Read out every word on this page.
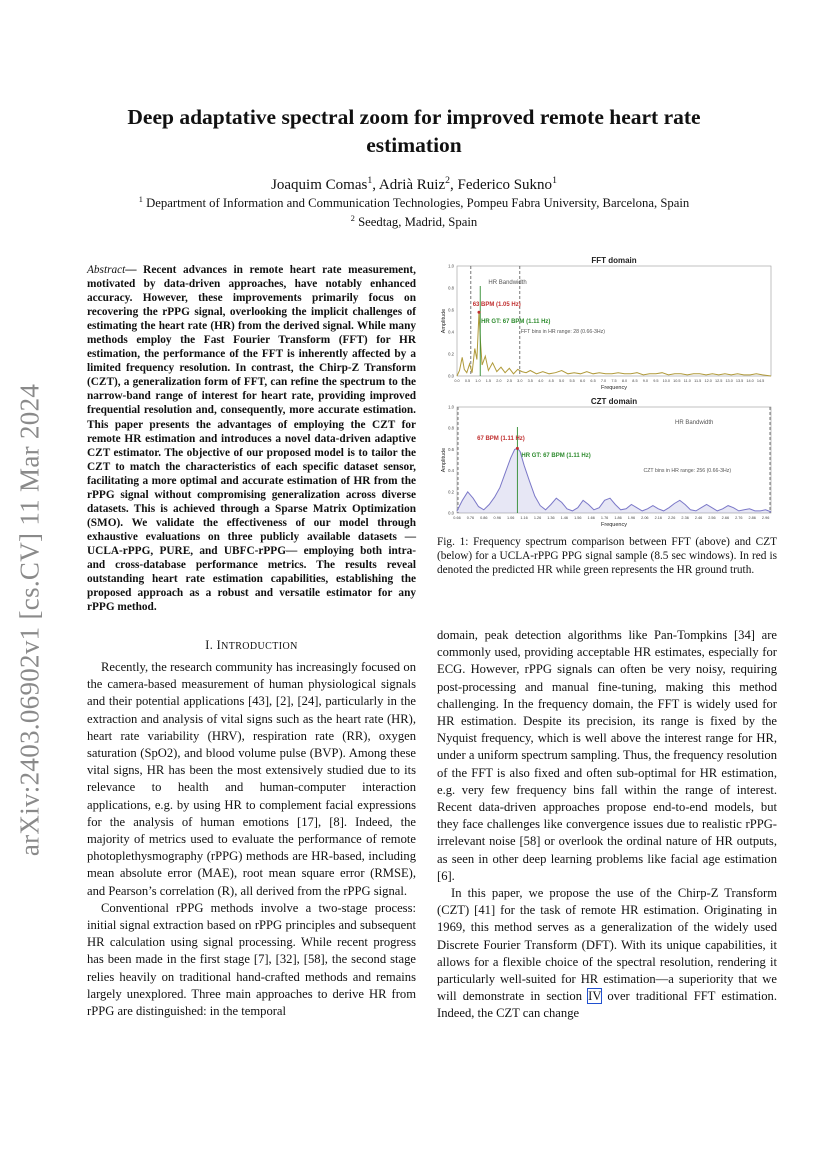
arXiv:2403.06902v1 [cs.CV] 11 Mar 2024
Deep adaptative spectral zoom for improved remote heart rate estimation
Joaquim Comas$^1$, Adrià Ruiz$^2$, Federico Sukno$^1$
$^1$ Department of Information and Communication Technologies, Pompeu Fabra University, Barcelona, Spain
$^2$ Seedtag, Madrid, Spain
Abstract— Recent advances in remote heart rate measurement, motivated by data-driven approaches, have notably enhanced accuracy. However, these improvements primarily focus on recovering the rPPG signal, overlooking the implicit challenges of estimating the heart rate (HR) from the derived signal. While many methods employ the Fast Fourier Transform (FFT) for HR estimation, the performance of the FFT is inherently affected by a limited frequency resolution. In contrast, the Chirp-Z Transform (CZT), a generalization form of FFT, can refine the spectrum to the narrow-band range of interest for heart rate, providing improved frequential resolution and, consequently, more accurate estimation. This paper presents the advantages of employing the CZT for remote HR estimation and introduces a novel data-driven adaptive CZT estimator. The objective of our proposed model is to tailor the CZT to match the characteristics of each specific dataset sensor, facilitating a more optimal and accurate estimation of HR from the rPPG signal without compromising generalization across diverse datasets. This is achieved through a Sparse Matrix Optimization (SMO). We validate the effectiveness of our model through exhaustive evaluations on three publicly available datasets —UCLA-rPPG, PURE, and UBFC-rPPG— employing both intra- and cross-database performance metrics. The results reveal outstanding heart rate estimation capabilities, establishing the proposed approach as a robust and versatile estimator for any rPPG method.
I. INTRODUCTION

Recently, the research community has increasingly focused on the camera-based measurement of human physiological signals and their potential applications [43], [2], [24], particularly in the extraction and analysis of vital signs such as the heart rate (HR), heart rate variability (HRV), respiration rate (RR), oxygen saturation (SpO2), and blood volume pulse (BVP). Among these vital signs, HR has been the most extensively studied due to its relevance to health and human-computer interaction applications, e.g. by using HR to complement facial expressions for the analysis of human emotions [17], [8]. Indeed, the majority of metrics used to evaluate the performance of remote photoplethysmography (rPPG) methods are HR-based, including mean absolute error (MAE), root mean square error (RMSE), and Pearson’s correlation (R), all derived from the rPPG signal.

Conventional rPPG methods involve a two-stage process: initial signal extraction based on rPPG principles and subsequent HR calculation using signal processing. While recent progress has been made in the first stage [7], [32], [58], the second stage relies heavily on traditional hand-crafted methods and remains largely unexplored. Three main approaches to derive HR from rPPG are distinguished: in the temporal

domain, peak detection algorithms like Pan-Tompkins [34] are commonly used, providing acceptable HR estimates, especially for ECG. However, rPPG signals can often be very noisy, requiring post-processing and manual fine-tuning, making this method challenging. In the frequency domain, the FFT is widely used for HR estimation. Despite its precision, its range is fixed by the Nyquist frequency, which is well above the interest range for HR, under a uniform spectrum sampling. Thus, the frequency resolution of the FFT is also fixed and often sub-optimal for HR estimation, e.g. very few frequency bins fall within the range of interest. Recent data-driven approaches propose end-to-end models, but they face challenges like convergence issues due to realistic rPPG-irrelevant noise [58] or overlook the ordinal nature of HR outputs, as seen in other deep learning problems like facial age estimation [6].

In this paper, we propose the use of the Chirp-Z Transform (CZT) [41] for the task of remote HR estimation. Originating in 1969, this method serves as a generalization of the widely used Discrete Fourier Transform (DFT). With its unique capabilities, it allows for a flexible choice of the spectral resolution, rendering it particularly well-suited for HR estimation—a superiority that we will demonstrate in section IV over traditional FFT estimation. Indeed, the CZT can change

FFT domain
0.0
0.2
0.4
0.6
0.8
1.0
0.0 0.5 1.0 1.5 2.0 2.5 3.0 3.5 4.0 4.5 5.0 5.5 6.0 6.5 7.0 7.5 8.0 8.5 9.0 9.5 10.0 10.5 11.0 11.5 12.0 12.5 13.0 13.5 14.0 14.5
Frequency
Amplitude
HR Bandwidth
63 BPM (1.05 Hz)
HR GT: 67 BPM (1.11 Hz)
FFT bins in HR range: 28 (0.66-3Hz)
CZT domain
0.0
0.2
0.4
0.6
0.8
1.0
0.66 0.76 0.86 0.96 1.06 1.16 1.26 1.36 1.46 1.56 1.66 1.76 1.86 1.96 2.06 2.16 2.26 2.36 2.46 2.56 2.66 2.76 2.86 2.96
Frequency
Amplitude
HR Bandwidth
67 BPM (1.11 Hz)
HR GT: 67 BPM (1.11 Hz)
CZT bins in HR range: 256 (0.66-3Hz)
Fig. 1: Frequency spectrum comparison between FFT (above) and CZT (below) for a UCLA-rPPG PPG signal sample (8.5 sec windows). In red is denoted the predicted HR while green represents the HR ground truth.
